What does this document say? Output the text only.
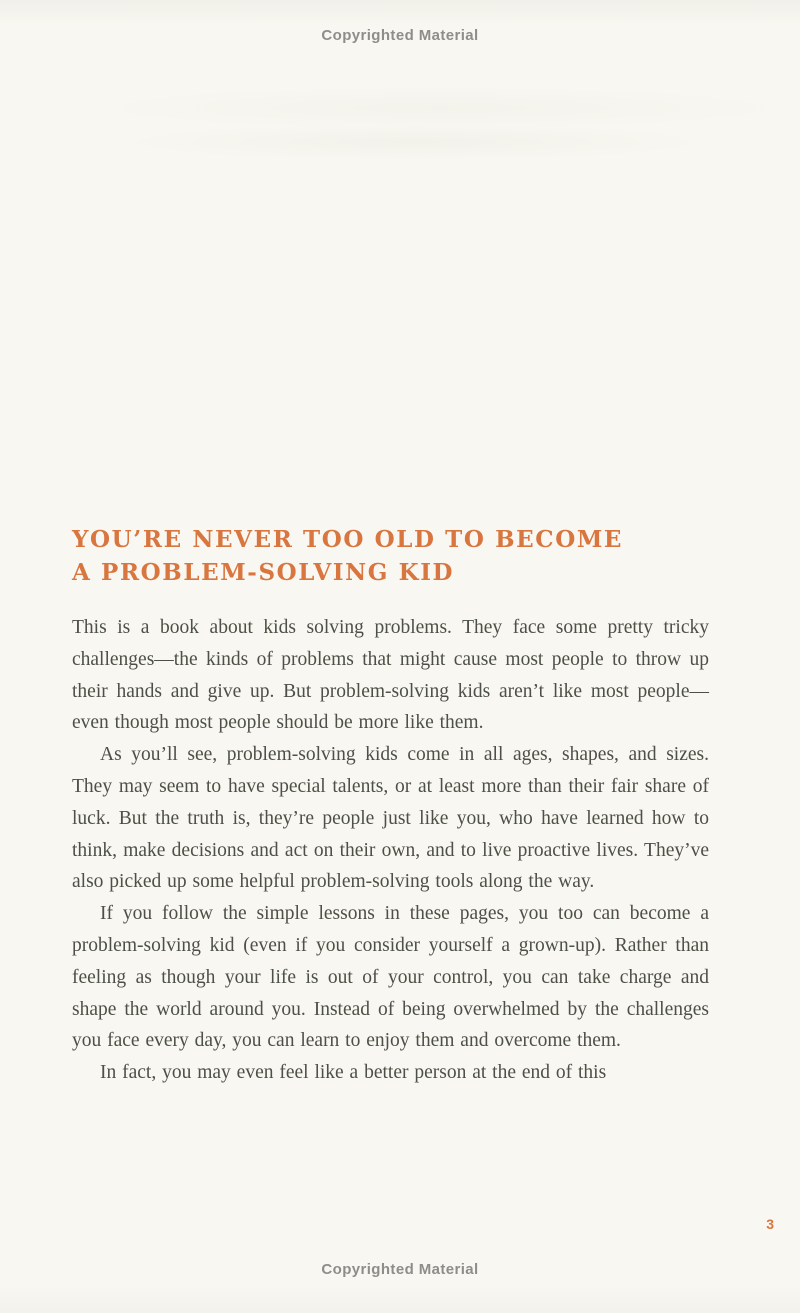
Copyrighted Material
YOU’RE NEVER TOO OLD TO BECOME
A PROBLEM-SOLVING KID

This is a book about kids solving problems. They face some pretty tricky challenges—the kinds of problems that might cause most people to throw up their hands and give up. But problem-solving kids aren’t like most people—even though most people should be more like them.

As you’ll see, problem-solving kids come in all ages, shapes, and sizes. They may seem to have special talents, or at least more than their fair share of luck. But the truth is, they’re people just like you, who have learned how to think, make decisions and act on their own, and to live proactive lives. They’ve also picked up some helpful problem-solving tools along the way.

If you follow the simple lessons in these pages, you too can become a problem-solving kid (even if you consider yourself a grown-up). Rather than feeling as though your life is out of your control, you can take charge and shape the world around you. Instead of being overwhelmed by the challenges you face every day, you can learn to enjoy them and overcome them.

In fact, you may even feel like a better person at the end of this

3
Copyrighted Material
